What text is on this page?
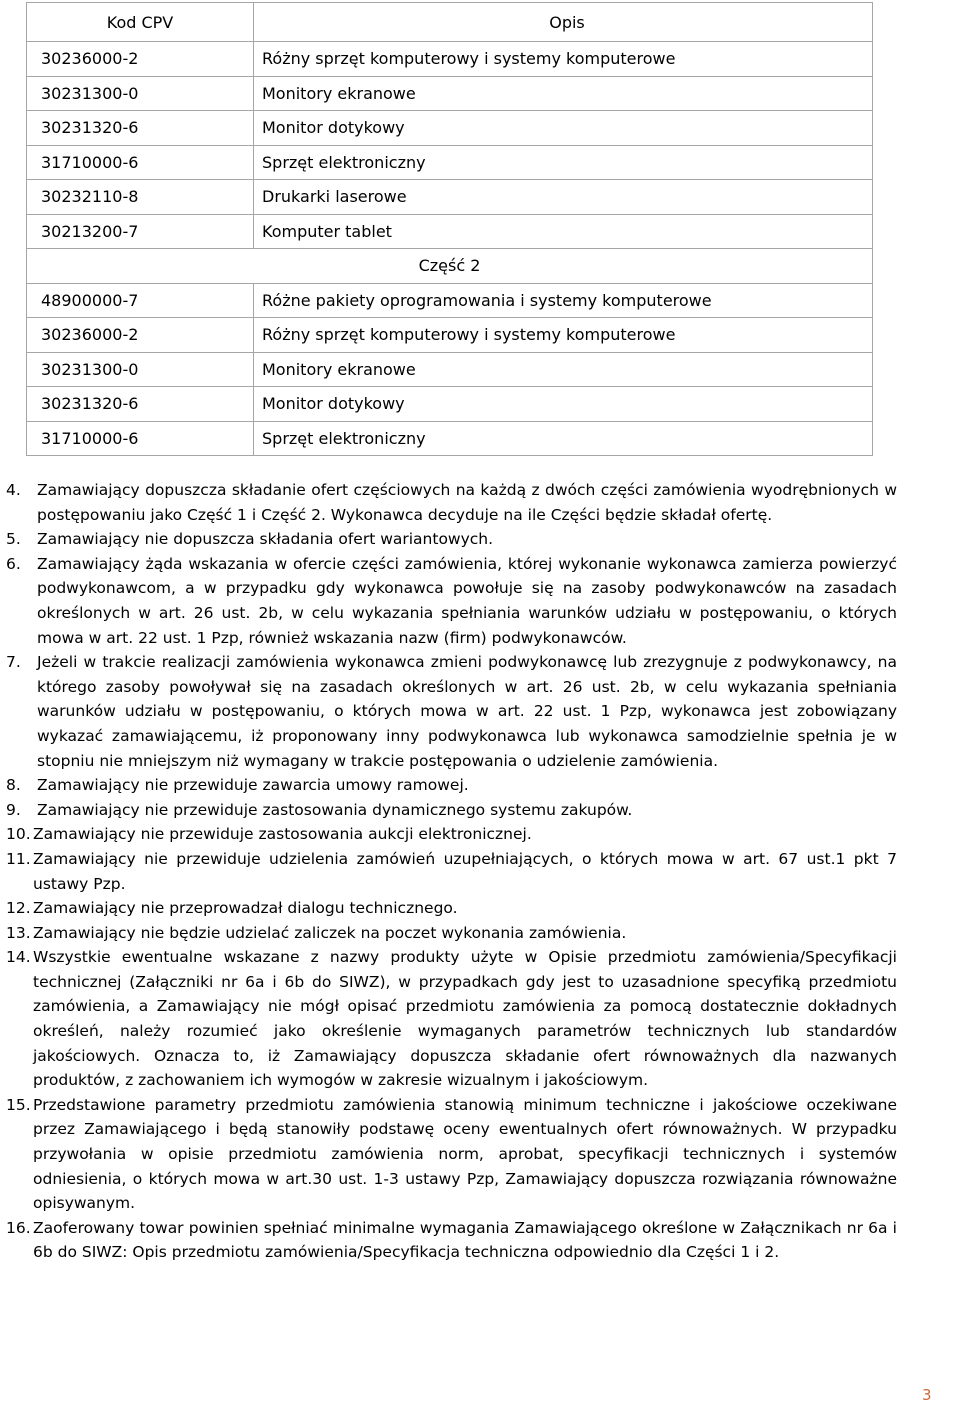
Kod CPV	Opis
30236000-2	Różny sprzęt komputerowy i systemy komputerowe
30231300-0	Monitory ekranowe
30231320-6	Monitor dotykowy
31710000-6	Sprzęt elektroniczny
30232110-8	Drukarki laserowe
30213200-7	Komputer tablet
Część 2	
48900000-7	Różne pakiety oprogramowania i systemy komputerowe
30236000-2	Różny sprzęt komputerowy i systemy komputerowe
30231300-0	Monitory ekranowe
30231320-6	Monitor dotykowy
31710000-6	Sprzęt elektroniczny
4. Zamawiający dopuszcza składanie ofert częściowych na każdą z dwóch części zamówienia wyodrębnionych w postępowaniu jako Część 1 i Część 2. Wykonawca decyduje na ile Części będzie składał ofertę.
5. Zamawiający nie dopuszcza składania ofert wariantowych.
6. Zamawiający żąda wskazania w ofercie części zamówienia, której wykonanie wykonawca zamierza powierzyć podwykonawcom, a w przypadku gdy wykonawca powołuje się na zasoby podwykonawców na zasadach określonych w art. 26 ust. 2b, w celu wykazania spełniania warunków udziału w postępowaniu, o których mowa w art. 22 ust. 1 Pzp, również wskazania nazw (firm) podwykonawców.
7. Jeżeli w trakcie realizacji zamówienia wykonawca zmieni podwykonawcę lub zrezygnuje z podwykonawcy, na którego zasoby powoływał się na zasadach określonych w art. 26 ust. 2b, w celu wykazania spełniania warunków udziału w postępowaniu, o których mowa w art. 22 ust. 1 Pzp, wykonawca jest zobowiązany wykazać zamawiającemu, iż proponowany inny podwykonawca lub wykonawca samodzielnie spełnia je w stopniu nie mniejszym niż wymagany w trakcie postępowania o udzielenie zamówienia.
8. Zamawiający nie przewiduje zawarcia umowy ramowej.
9. Zamawiający nie przewiduje zastosowania dynamicznego systemu zakupów.
10. Zamawiający nie przewiduje zastosowania aukcji elektronicznej.
11. Zamawiający nie przewiduje udzielenia zamówień uzupełniających, o których mowa w art. 67 ust.1 pkt 7 ustawy Pzp.
12. Zamawiający nie przeprowadzał dialogu technicznego.
13. Zamawiający nie będzie udzielać zaliczek na poczet wykonania zamówienia.
14. Wszystkie ewentualne wskazane z nazwy produkty użyte w Opisie przedmiotu zamówienia/Specyfikacji technicznej (Załączniki nr 6a i 6b do SIWZ), w przypadkach gdy jest to uzasadnione specyfiką przedmiotu zamówienia, a Zamawiający nie mógł opisać przedmiotu zamówienia za pomocą dostatecznie dokładnych określeń, należy rozumieć jako określenie wymaganych parametrów technicznych lub standardów jakościowych. Oznacza to, iż Zamawiający dopuszcza składanie ofert równoważnych dla nazwanych produktów, z zachowaniem ich wymogów w zakresie wizualnym i jakościowym.
15. Przedstawione parametry przedmiotu zamówienia stanowią minimum techniczne i jakościowe oczekiwane przez Zamawiającego i będą stanowiły podstawę oceny ewentualnych ofert równoważnych. W przypadku przywołania w opisie przedmiotu zamówienia norm, aprobat, specyfikacji technicznych i systemów odniesienia, o których mowa w art.30 ust. 1-3 ustawy Pzp, Zamawiający dopuszcza rozwiązania równoważne opisywanym.
16. Zaoferowany towar powinien spełniać minimalne wymagania Zamawiającego określone w Załącznikach nr 6a i 6b do SIWZ: Opis przedmiotu zamówienia/Specyfikacja techniczna odpowiednio dla Części 1 i 2.
3
